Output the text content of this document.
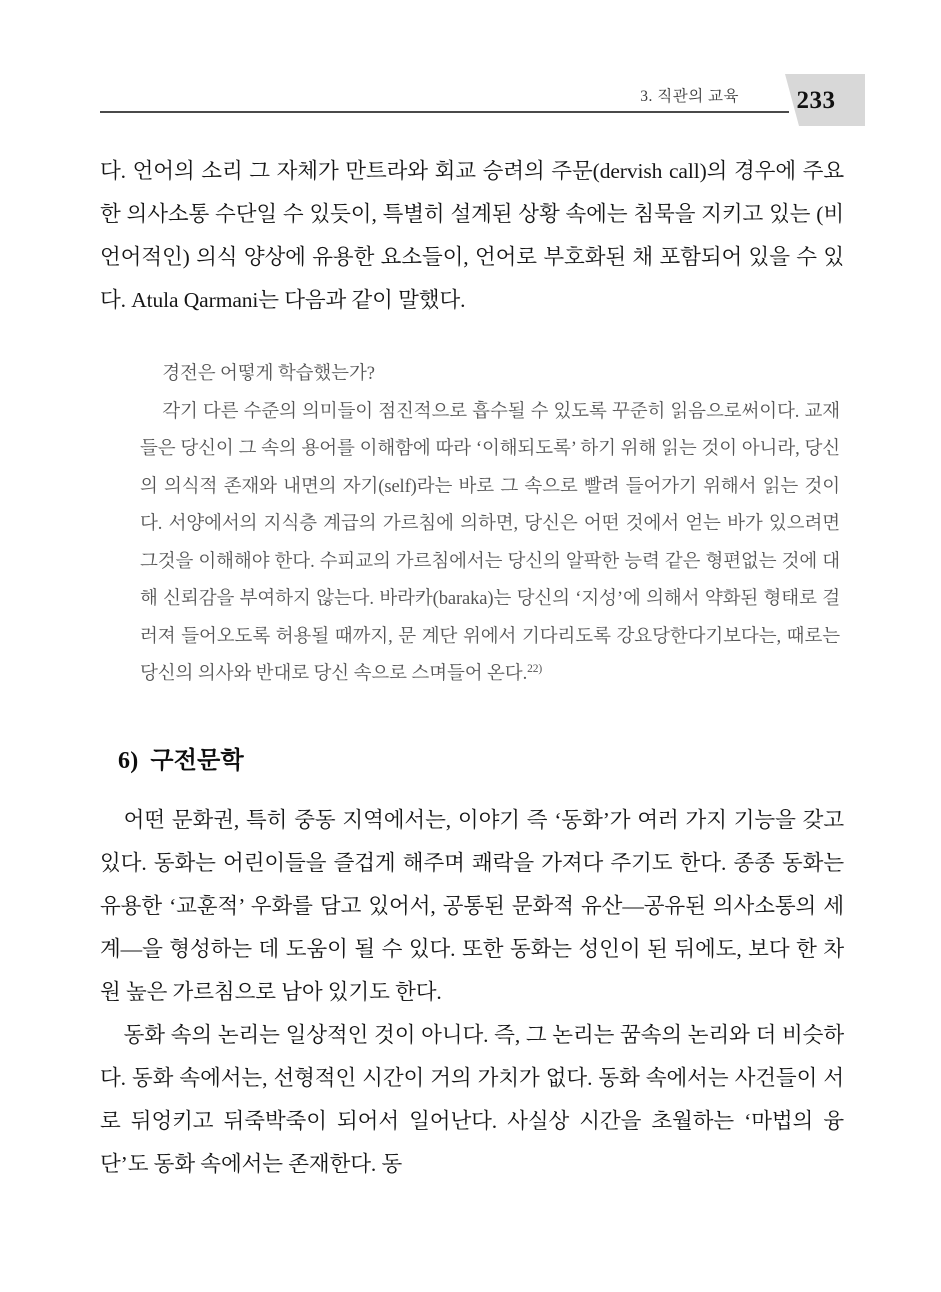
3. 직관의 교육	233

다. 언어의 소리 그 자체가 만트라와 회교 승려의 주문(dervish call)의 경우에 주요한 의사소통 수단일 수 있듯이, 특별히 설계된 상황 속에는 침묵을 지키고 있는 (비언어적인) 의식 양상에 유용한 요소들이, 언어로 부호화된 채 포함되어 있을 수 있다. Atula Qarmani는 다음과 같이 말했다.

경전은 어떻게 학습했는가?

각기 다른 수준의 의미들이 점진적으로 흡수될 수 있도록 꾸준히 읽음으로써이다. 교재들은 당신이 그 속의 용어를 이해함에 따라 ‘이해되도록’ 하기 위해 읽는 것이 아니라, 당신의 의식적 존재와 내면의 자기(self)라는 바로 그 속으로 빨려 들어가기 위해서 읽는 것이다. 서양에서의 지식층 계급의 가르침에 의하면, 당신은 어떤 것에서 얻는 바가 있으려면 그것을 이해해야 한다. 수피교의 가르침에서는 당신의 알팍한 능력 같은 형편없는 것에 대해 신뢰감을 부여하지 않는다. 바라카(baraka)는 당신의 ‘지성’에 의해서 약화된 형태로 걸러져 들어오도록 허용될 때까지, 문 계단 위에서 기다리도록 강요당한다기보다는, 때로는 당신의 의사와 반대로 당신 속으로 스며들어 온다.$^{22)}$

6) 구전문학

어떤 문화권, 특히 중동 지역에서는, 이야기 즉 ‘동화’가 여러 가지 기능을 갖고 있다. 동화는 어린이들을 즐겁게 해주며 쾌락을 가져다 주기도 한다. 종종 동화는 유용한 ‘교훈적’ 우화를 담고 있어서, 공통된 문화적 유산―공유된 의사소통의 세계―을 형성하는 데 도움이 될 수 있다. 또한 동화는 성인이 된 뒤에도, 보다 한 차원 높은 가르침으로 남아 있기도 한다.

동화 속의 논리는 일상적인 것이 아니다. 즉, 그 논리는 꿈속의 논리와 더 비슷하다. 동화 속에서는, 선형적인 시간이 거의 가치가 없다. 동화 속에서는 사건들이 서로 뒤엉키고 뒤죽박죽이 되어서 일어난다. 사실상 시간을 초월하는 ‘마법의 융단’도 동화 속에서는 존재한다. 동
